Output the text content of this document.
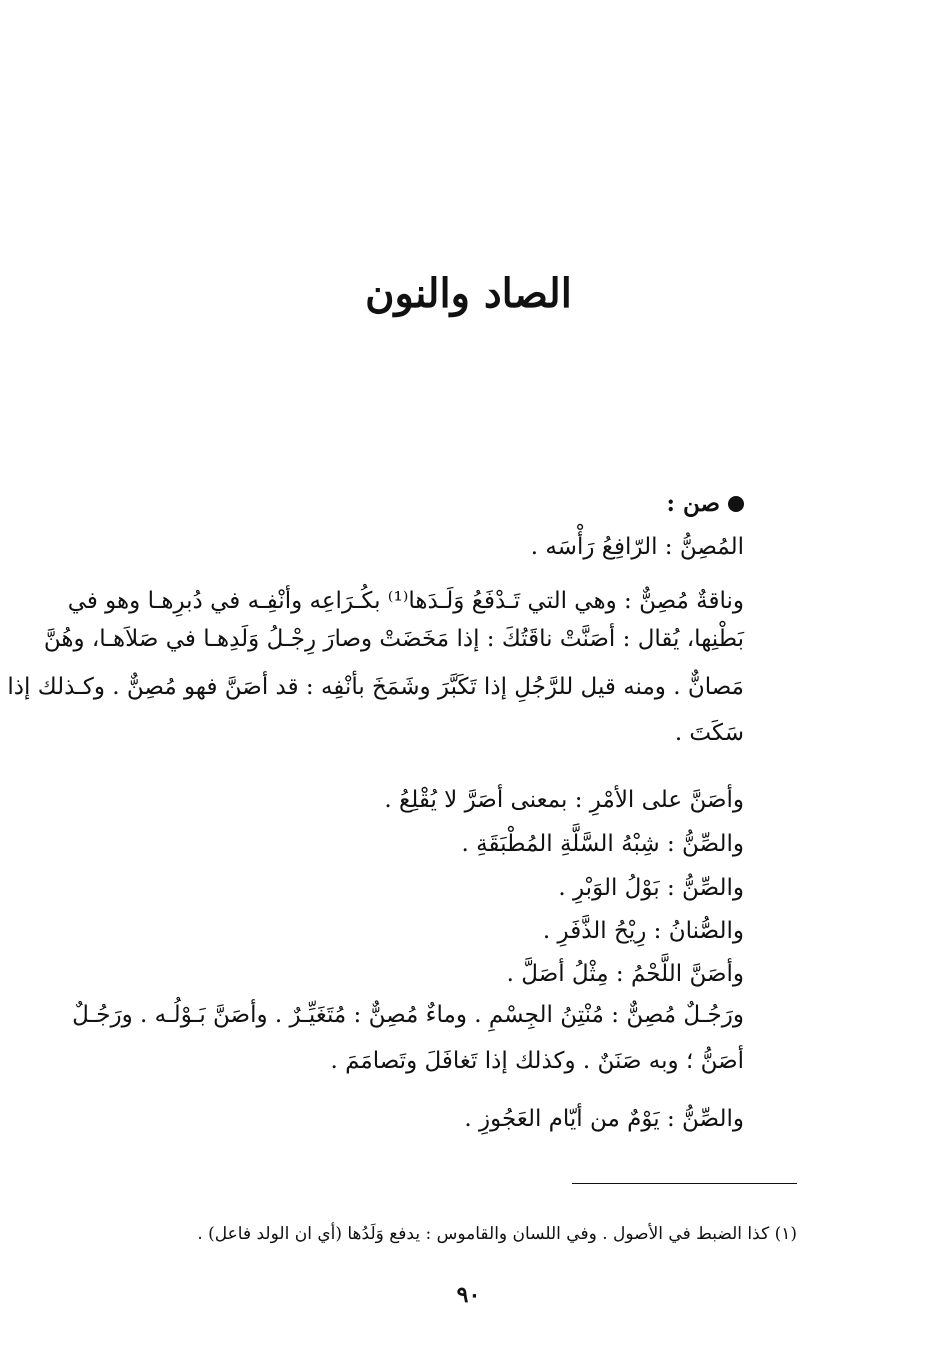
الصاد والنون
صن :
المُصِنُّ : الرّافِعُ رَأْسَه .
وناقةٌ مُصِنٌّ : وهي التي تَـدْفَعُ وَلَـدَها⁽¹⁾ بكُـرَاعِه وأنْفِـه في دُبرِهـا وهو في
بَطْنِها، يُقال : أصَنَّتْ ناقَتُكَ : إذا مَخَضَتْ وصارَ رِجْـلُ وَلَدِهـا في صَلاَهـا، وهُنَّ
مَصانٌّ . ومنه قيل للرَّجُلِ إذا تَكَبَّرَ وشَمَخَ بأنْفِه : قد أصَنَّ فهو مُصِنٌّ . وكـذلك إذا
سَكَتَ .
وأصَنَّ على الأمْرِ : بمعنى أصَرَّ لا يُقْلِعُ .
والصِّنُّ : شِبْهُ السَّلَّةِ المُطْبَقَةِ .
والصِّنُّ : بَوْلُ الوَبْرِ .
والصُّنانُ : رِيْحُ الذَّفَرِ .
وأصَنَّ اللَّحْمُ : مِثْلُ أصَلَّ .
ورَجُـلٌ مُصِنٌّ : مُنْتِنُ الجِسْمِ . وماءٌ مُصِنٌّ : مُتَغَيِّـرٌ . وأصَنَّ بَـوْلُـه . ورَجُـلٌ
أصَنُّ ؛ وبه صَنَنٌ . وكذلك إذا تَغافَلَ وتَصامَمَ .
والصِّنُّ : يَوْمٌ من أيّام العَجُوزِ .
(١) كذا الضبط في الأصول . وفي اللسان والقاموس : يدفع وَلَدُها (أي ان الولد فاعل) .
٩٠
